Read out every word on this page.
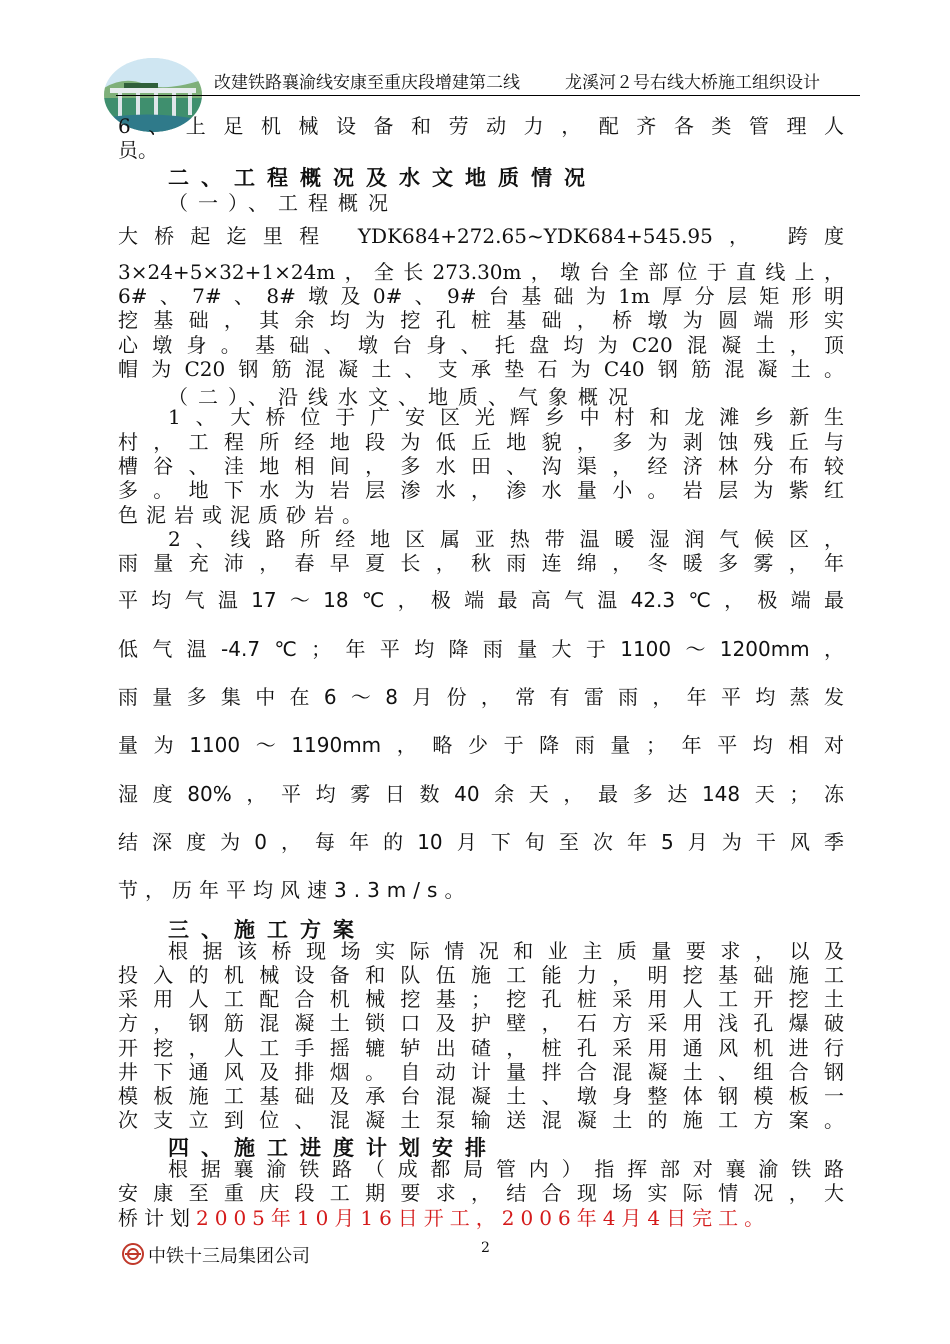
改建铁路襄渝线安康至重庆段增建第二线	龙溪河２号右线大桥施工组织设计
6、上足机械设备和劳动力，配齐各类管理人
员。
二、工程概况及水文地质情况
（一）、工程概况
大桥起迄里程 YDK684+272.65~YDK684+545.95， 跨度
3×24+5×32+1×24m，全长273.30m，墩台全部位于直线上，
6#、7#、8#墩及0#、9#台基础为1m厚分层矩形明
挖基础，其余均为挖孔桩基础，桥墩为圆端形实
心墩身。基础、墩台身、托盘均为C20混凝土，顶
帽为C20钢筋混凝土、支承垫石为C40钢筋混凝土。
（二）、沿线水文、地质、气象概况
1、大桥位于广安区光辉乡中村和龙滩乡新生
村，工程所经地段为低丘地貌，多为剥蚀残丘与
槽谷、洼地相间，多水田、沟渠，经济林分布较
多。地下水为岩层渗水，渗水量小。岩层为紫红
色泥岩或泥质砂岩。
2、线路所经地区属亚热带温暖湿润气候区，
雨量充沛，春早夏长，秋雨连绵，冬暖多雾，年
平均气温17～18℃，极端最高气温42.3℃，极端最
低气温-4.7℃；年平均降雨量大于1100～1200mm，
雨量多集中在6～8月份，常有雷雨，年平均蒸发
量为1100～1190mm，略少于降雨量；年平均相对
湿度80%，平均雾日数40余天，最多达148天；冻
结深度为0，每年的10月下旬至次年5月为干风季
节，历年平均风速3.3m/s。
三、施工方案
根据该桥现场实际情况和业主质量要求，以及
投入的机械设备和队伍施工能力，明挖基础施工
采用人工配合机械挖基；挖孔桩采用人工开挖土
方，钢筋混凝土锁口及护壁，石方采用浅孔爆破
开挖，人工手摇辘轳出碴，桩孔采用通风机进行
井下通风及排烟。自动计量拌合混凝土、组合钢
模板施工基础及承台混凝土、墩身整体钢模板一
次支立到位、混凝土泵输送混凝土的施工方案。
四、施工进度计划安排
根据襄渝铁路（成都局管内）指挥部对襄渝铁路
安康至重庆段工期要求，结合现场实际情况，大
桥计划2005年10月16日开工，2006年4月4日完工。
中铁十三局集团公司	2
